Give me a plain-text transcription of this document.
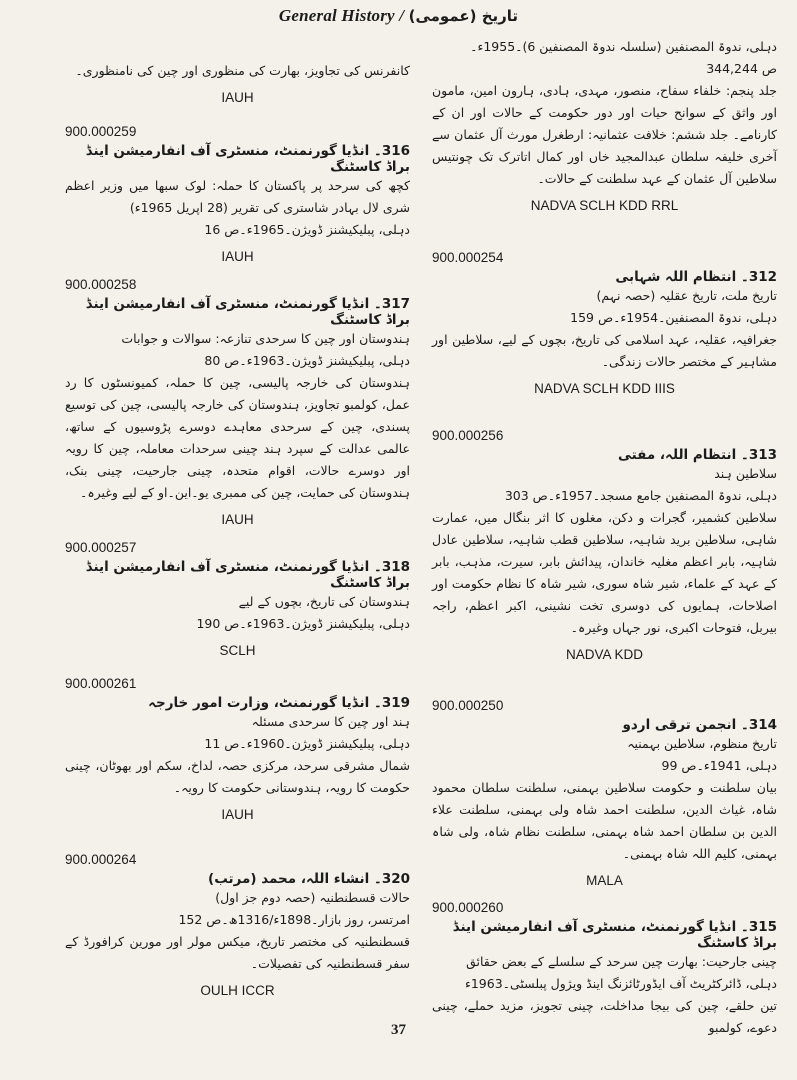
General History / تاریخ (عمومی)
دہلی، ندوۃ المصنفین (سلسلہ ندوۃ المصنفین 6)۔1955ء۔
ص 344,244
جلد پنجم: خلفاء سفاح، منصور، مہدی، ہادی، ہارون امین، مامون اور واثق کے سوانح حیات اور دور حکومت کے حالات اور ان کے کارنامے۔ جلد ششم: خلافت عثمانیہ: ارطغرل مورث آل عثمان سے آخری خلیفہ سلطان عبدالمجید خاں اور کمال اتاترک تک چونتیس سلاطین آل عثمان کے عہد سلطنت کے حالات۔
NADVA SCLH KDD RRL
900.000254
312۔ انتظام اللہ شہابی
تاریخ ملت، تاریخ عقلیہ (حصہ نہم)
دہلی، ندوۃ المصنفین۔1954ء۔ص 159
جغرافیہ، عقلیہ، عہد اسلامی کی تاریخ، بچوں کے لیے، سلاطین اور مشاہیر کے مختصر حالات زندگی۔
NADVA SCLH KDD IIIS
900.000256
313۔ انتظام اللہ، مفتی
سلاطین ہند
دہلی، ندوۃ المصنفین جامع مسجد۔1957ء۔ص 303
سلاطین کشمیر، گجرات و دکن، مغلوں کا اثر بنگال میں، عمارت شاہی، سلاطین برید شاہیہ، سلاطین قطب شاہیہ، سلاطین عادل شاہیہ، بابر اعظم مغلیہ خاندان، پیدائش بابر، سیرت، مذہب، بابر کے عہد کے علماء، شیر شاہ سوری، شیر شاہ کا نظام حکومت اور اصلاحات، ہمایوں کی دوسری تخت نشینی، اکبر اعظم، راجہ بیربل، فتوحات اکبری، نور جہاں وغیرہ۔
NADVA KDD
900.000250
314۔ انجمن ترقی اردو
تاریخ منظوم، سلاطین بہمنیہ
دہلی، 1941ء۔ص 99
بیان سلطنت و حکومت سلاطین بہمنی، سلطنت سلطان محمود شاہ، غیاث الدین، سلطنت احمد شاہ ولی بہمنی، سلطنت علاء الدین بن سلطان احمد شاہ بہمنی، سلطنت نظام شاہ، ولی شاہ بہمنی، کلیم اللہ شاہ بہمنی۔
MALA
900.000260
315۔ انڈیا گورنمنٹ، منسٹری آف انفارمیشن اینڈ براڈ کاسٹنگ
چینی جارحیت: بھارت چین سرحد کے سلسلے کے بعض حقائق
دہلی، ڈائرکٹریٹ آف ایڈورٹائزنگ اینڈ ویژول پبلسٹی۔1963ء
تین حلقے، چین کی بیجا مداخلت، چینی تجویز، مزید حملے، چینی دعوے، کولمبو
کانفرنس کی تجاویز، بھارت کی منظوری اور چین کی نامنظوری۔
IAUH
900.000259
316۔ انڈیا گورنمنٹ، منسٹری آف انفارمیشن اینڈ براڈ کاسٹنگ
کچھ کی سرحد پر پاکستان کا حملہ: لوک سبھا میں وزیر اعظم شری لال بہادر شاستری کی تقریر (28 اپریل 1965ء)
دہلی، پبلیکیشنز ڈویژن۔1965ء۔ص 16
IAUH
900.000258
317۔ انڈیا گورنمنٹ، منسٹری آف انفارمیشن اینڈ براڈ کاسٹنگ
ہندوستان اور چین کا سرحدی تنازعہ: سوالات و جوابات
دہلی، پبلیکیشنز ڈویژن۔1963ء۔ص 80
ہندوستان کی خارجہ پالیسی، چین کا حملہ، کمیونسٹوں کا رد عمل، کولمبو تجاویز، ہندوستان کی خارجہ پالیسی، چین کی توسیع پسندی، چین کے سرحدی معاہدے دوسرے پڑوسیوں کے ساتھ، عالمی عدالت کے سپرد ہند چینی سرحدات معاملہ، چین کا رویہ اور دوسرے حالات، اقوام متحدہ، چینی جارحیت، چینی بنک، ہندوستان کی حمایت، چین کی ممبری یو۔این۔او کے لیے وغیرہ۔
IAUH
900.000257
318۔ انڈیا گورنمنٹ، منسٹری آف انفارمیشن اینڈ براڈ کاسٹنگ
ہندوستان کی تاریخ، بچوں کے لیے
دہلی، پبلیکیشنز ڈویژن۔1963ء۔ص 190
SCLH
900.000261
319۔ انڈیا گورنمنٹ، وزارت امور خارجہ
ہند اور چین کا سرحدی مسئلہ
دہلی، پبلیکیشنز ڈویژن۔1960ء۔ص 11
شمال مشرقی سرحد، مرکزی حصہ، لداخ، سکم اور بھوٹان، چینی حکومت کا رویہ، ہندوستانی حکومت کا رویہ۔
IAUH
900.000264
320۔ انشاء اللہ، محمد (مرتب)
حالات قسطنطنیہ (حصہ دوم جز اول)
امرتسر، روز بازار۔1898ء/1316ھ۔ص 152
قسطنطنیہ کی مختصر تاریخ، میکس مولر اور مورین کرافورڈ کے سفر قسطنطنیہ کی تفصیلات۔
OULH ICCR
37
